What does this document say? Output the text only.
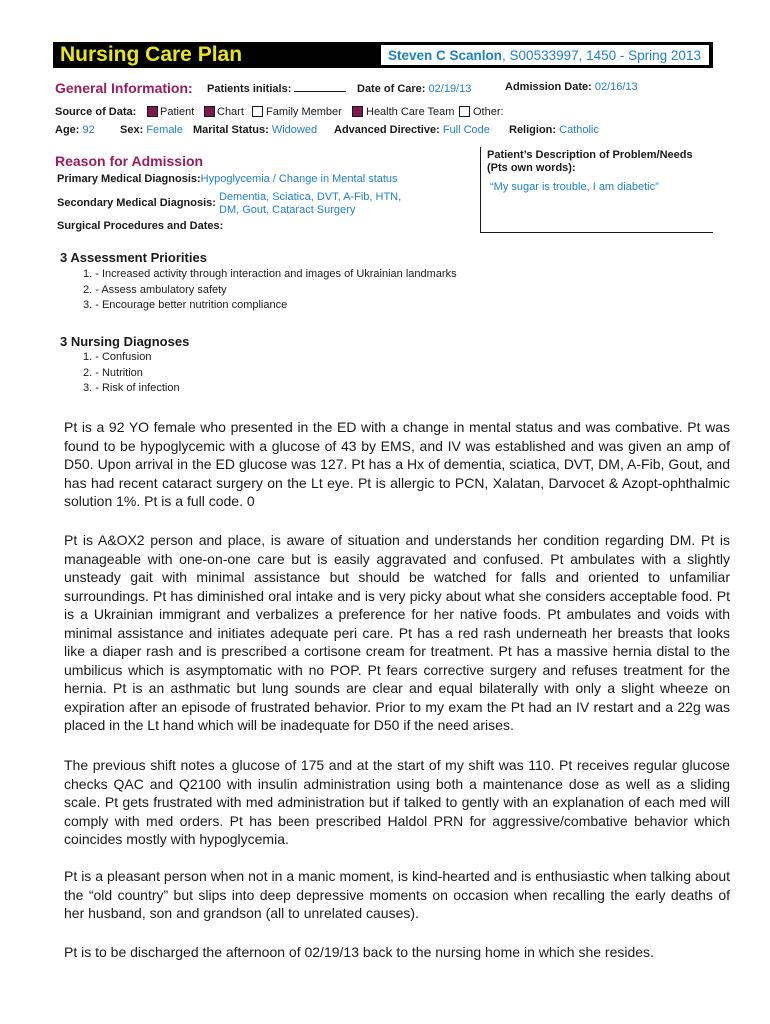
Nursing Care Plan	Steven C Scanlon, S00533997, 1450 - Spring 2013
General Information: Patients initials:	Date of Care: 02/19/13	Admission Date: 02/16/13
Source of Data: Patient Chart Family Member Health Care Team Other:
Age: 92 Sex: Female Marital Status: Widowed Advanced Directive: Full Code Religion: Catholic
Reason for Admission
Primary Medical Diagnosis:Hypoglycemia / Change in Mental status
Secondary Medical Diagnosis: Dementia, Sciatica, DVT, A-Fib, HTN,
DM, Gout, Cataract Surgery
Surgical Procedures and Dates:
Patient’s Description of Problem/Needs
(Pts own words):
“My sugar is trouble, I am diabetic”
3 Assessment Priorities
1. - Increased activity through interaction and images of Ukrainian landmarks
2. - Assess ambulatory safety
3. - Encourage better nutrition compliance
3 Nursing Diagnoses
1. - Confusion
2. - Nutrition
3. - Risk of infection
Pt is a 92 YO female who presented in the ED with a change in mental status and was combative. Pt was found to be hypoglycemic with a glucose of 43 by EMS, and IV was established and was given an amp of D50. Upon arrival in the ED glucose was 127. Pt has a Hx of dementia, sciatica, DVT, DM, A-Fib, Gout, and has had recent cataract surgery on the Lt eye. Pt is allergic to PCN, Xalatan, Darvocet & Azopt-ophthalmic solution 1%. Pt is a full code. 0
Pt is A&OX2 person and place, is aware of situation and understands her condition regarding DM. Pt is manageable with one-on-one care but is easily aggravated and confused. Pt ambulates with a slightly unsteady gait with minimal assistance but should be watched for falls and oriented to unfamiliar surroundings. Pt has diminished oral intake and is very picky about what she considers acceptable food. Pt is a Ukrainian immigrant and verbalizes a preference for her native foods. Pt ambulates and voids with minimal assistance and initiates adequate peri care. Pt has a red rash underneath her breasts that looks like a diaper rash and is prescribed a cortisone cream for treatment. Pt has a massive hernia distal to the umbilicus which is asymptomatic with no POP. Pt fears corrective surgery and refuses treatment for the hernia. Pt is an asthmatic but lung sounds are clear and equal bilaterally with only a slight wheeze on expiration after an episode of frustrated behavior. Prior to my exam the Pt had an IV restart and a 22g was placed in the Lt hand which will be inadequate for D50 if the need arises.
The previous shift notes a glucose of 175 and at the start of my shift was 110. Pt receives regular glucose checks QAC and Q2100 with insulin administration using both a maintenance dose as well as a sliding scale. Pt gets frustrated with med administration but if talked to gently with an explanation of each med will comply with med orders. Pt has been prescribed Haldol PRN for aggressive/combative behavior which coincides mostly with hypoglycemia.
Pt is a pleasant person when not in a manic moment, is kind-hearted and is enthusiastic when talking about the “old country” but slips into deep depressive moments on occasion when recalling the early deaths of her husband, son and grandson (all to unrelated causes).
Pt is to be discharged the afternoon of 02/19/13 back to the nursing home in which she resides.
